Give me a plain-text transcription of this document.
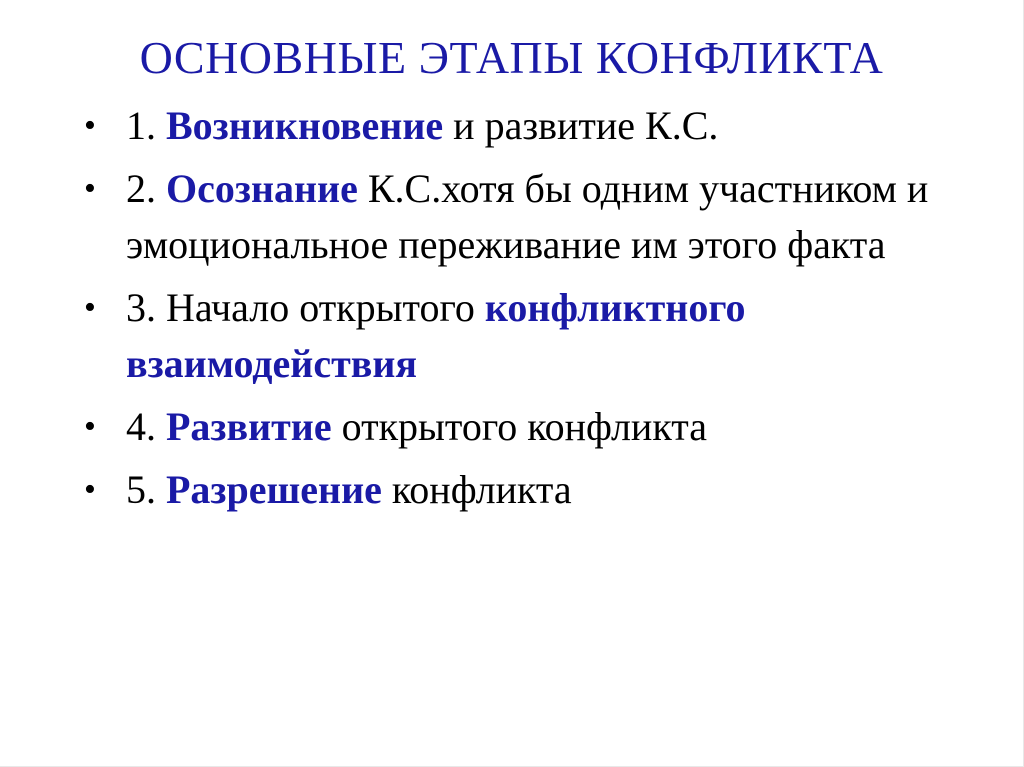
ОСНОВНЫЕ ЭТАПЫ КОНФЛИКТА
• 1. Возникновение и развитие К.С.
• 2. Осознание К.С.хотя бы одним участником и эмоциональное переживание им этого факта
• 3. Начало открытого конфликтного взаимодействия
• 4. Развитие открытого конфликта
• 5. Разрешение конфликта
